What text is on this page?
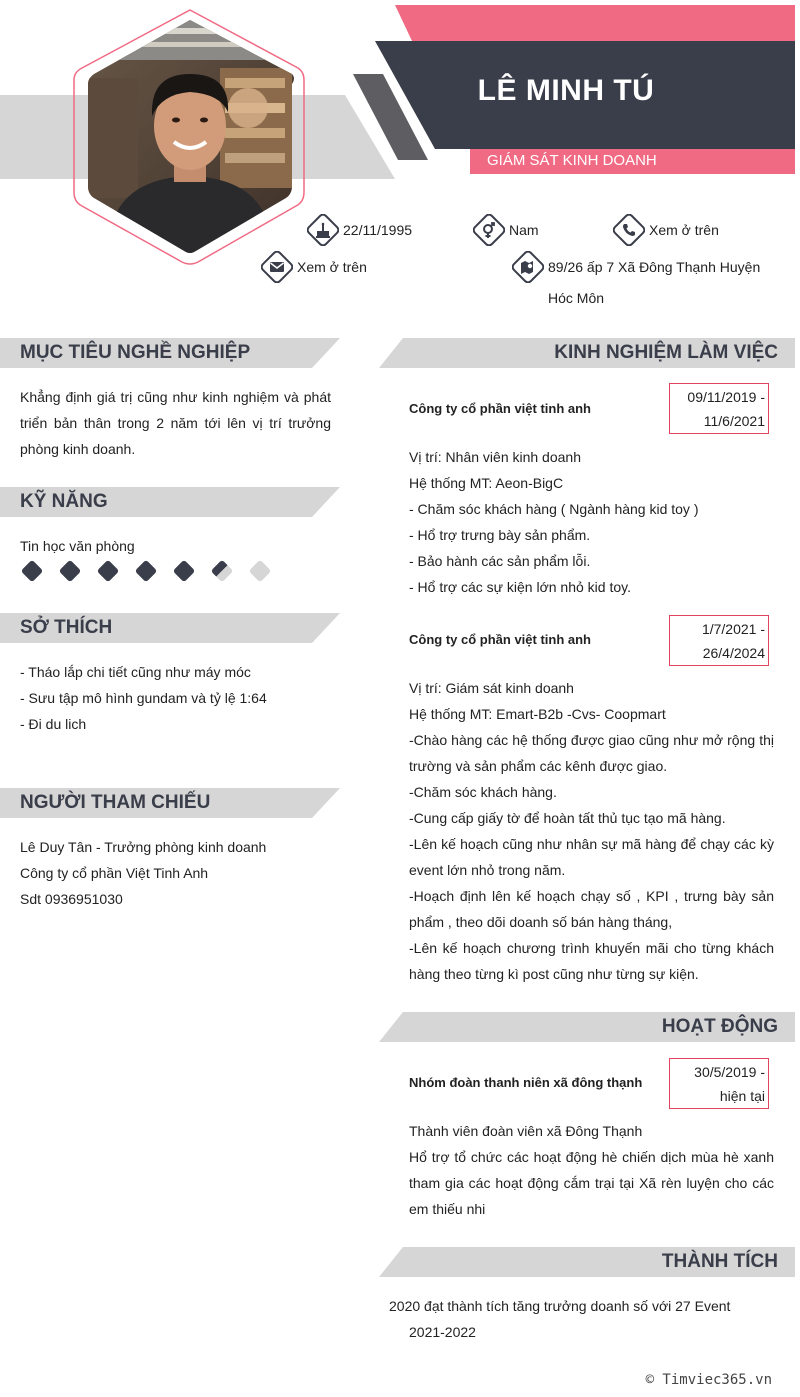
LÊ MINH TÚ
GIÁM SÁT KINH DOANH
22/11/1995	Nam	Xem ở trên
Xem ở trên	89/26 ấp 7 Xã Đông Thạnh Huyện
Hóc Môn
MỤC TIÊU NGHỀ NGHIỆP
Khẳng định giá trị cũng như kinh nghiệm và phát triển bản thân trong 2 năm tới lên vị trí trưởng phòng kinh doanh.
KỸ NĂNG
Tin học văn phòng
SỞ THÍCH
- Tháo lắp chi tiết cũng như máy móc
- Sưu tập mô hình gundam và tỷ lệ 1:64
- Đi du lich
NGƯỜI THAM CHIẾU
Lê Duy Tân - Trưởng phòng kinh doanh
Công ty cổ phần Việt Tinh Anh
Sdt 0936951030
KINH NGHIỆM LÀM VIỆC
Công ty cổ phần việt tinh anh
09/11/2019 -
11/6/2021
Vị trí: Nhân viên kinh doanh
Hệ thống MT: Aeon-BigC
- Chăm sóc khách hàng ( Ngành hàng kid toy )
- Hổ trợ trưng bày sản phẩm.
- Bảo hành các sản phẩm lỗi.
- Hổ trợ các sự kiện lớn nhỏ kid toy.
Công ty cổ phần việt tinh anh
1/7/2021 -
26/4/2024
Vị trí: Giám sát kinh doanh
Hệ thống MT: Emart-B2b -Cvs- Coopmart
-Chào hàng các hệ thống được giao cũng như mở rộng thị trường và sản phẩm các kênh được giao.
-Chăm sóc khách hàng.
-Cung cấp giấy tờ để hoàn tất thủ tục tạo mã hàng.
-Lên kế hoạch cũng như nhân sự mã hàng để chạy các kỳ event lớn nhỏ trong năm.
-Hoạch định lên kế hoạch chạy số , KPI , trưng bày sản phẩm , theo dõi doanh số bán hàng tháng,
-Lên kế hoạch chương trình khuyến mãi cho từng khách hàng theo từng kì post cũng như từng sự kiện.
HOẠT ĐỘNG
Nhóm đoàn thanh niên xã đông thạnh
30/5/2019 -
hiện tại
Thành viên đoàn viên xã Đông Thạnh
Hổ trợ tổ chức các hoạt động hè chiến dịch mùa hè xanh tham gia các hoạt động cắm trại tại Xã rèn luyện cho các em thiếu nhi
THÀNH TÍCH
2020 đạt thành tích tăng trưởng doanh số với 27 Event 2021-2022
© Timviec365.vn
